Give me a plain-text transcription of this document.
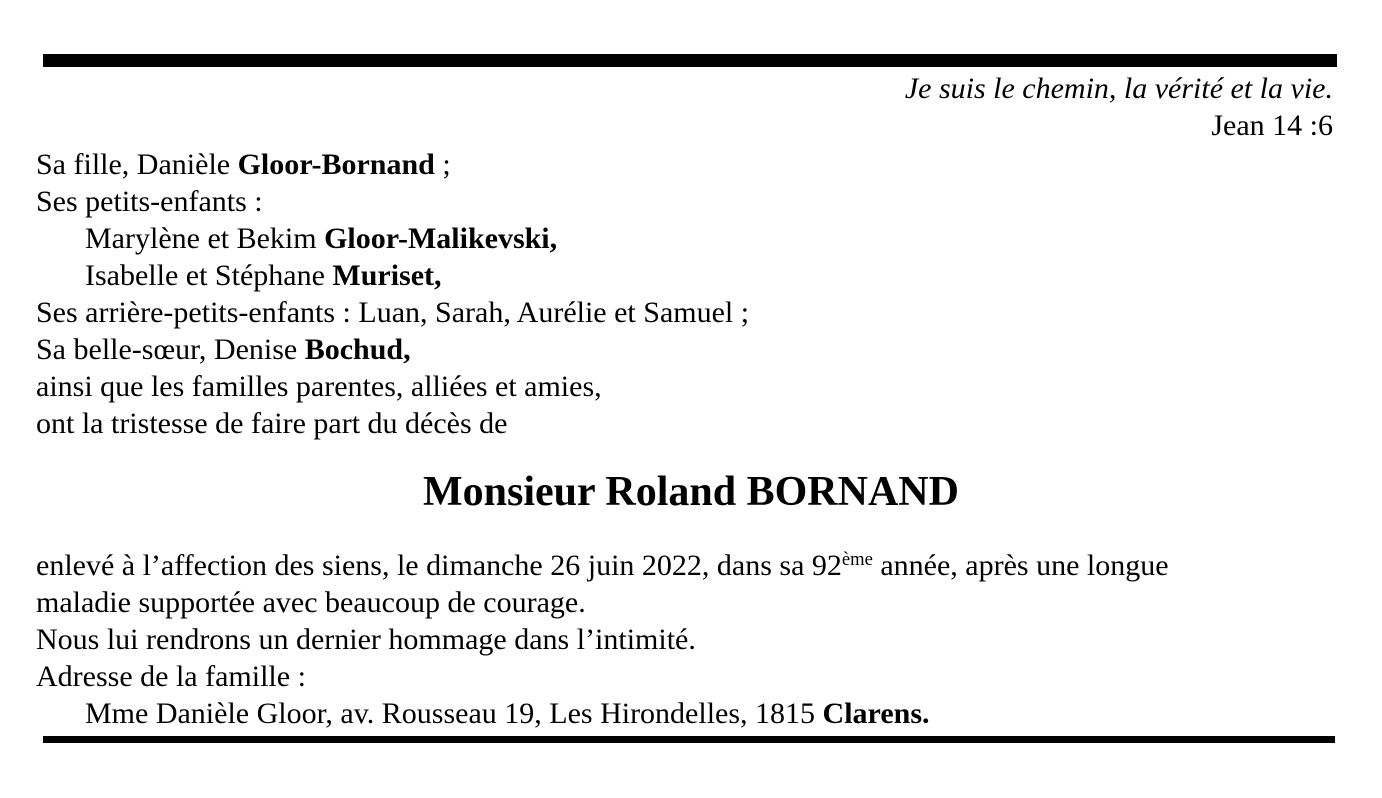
Je suis le chemin, la vérité et la vie.
Jean 14 :6

Sa fille, Danièle Gloor-Bornand ;

Ses petits-enfants :

Marylène et Bekim Gloor-Malikevski,

Isabelle et Stéphane Muriset,

Ses arrière-petits-enfants : Luan, Sarah, Aurélie et Samuel ;

Sa belle-sœur, Denise Bochud,

ainsi que les familles parentes, alliées et amies,

ont la tristesse de faire part du décès de

Monsieur Roland BORNAND

enlevé à l’affection des siens, le dimanche 26 juin 2022, dans sa 92ème année, après une longue

maladie supportée avec beaucoup de courage.

Nous lui rendrons un dernier hommage dans l’intimité.

Adresse de la famille :

Mme Danièle Gloor, av. Rousseau 19, Les Hirondelles, 1815 Clarens.
